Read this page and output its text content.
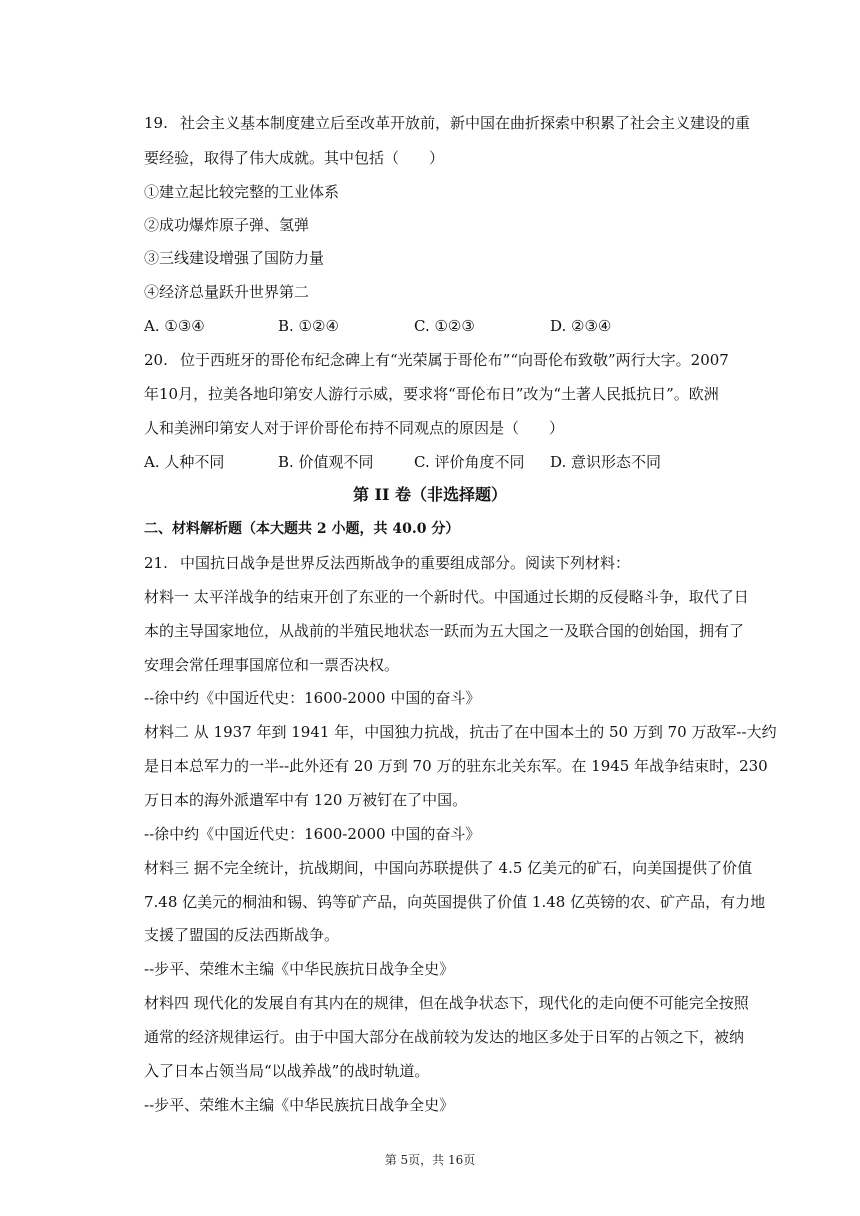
19. 社会主义基本制度建立后至改革开放前，新中国在曲折探索中积累了社会主义建设的重
要经验，取得了伟大成就。其中包括（　　）
①建立起比较完整的工业体系
②成功爆炸原子弹、氢弹
③三线建设增强了国防力量
④经济总量跃升世界第二
A. ①③④	B. ①②④	C. ①②③	D. ②③④
20. 位于西班牙的哥伦布纪念碑上有“光荣属于哥伦布”“向哥伦布致敬”两行大字。2007
年10月，拉美各地印第安人游行示威，要求将“哥伦布日”改为“土著人民抵抗日”。欧洲
人和美洲印第安人对于评价哥伦布持不同观点的原因是（　　）
A. 人种不同	B. 价值观不同	C. 评价角度不同 D. 意识形态不同
第 II 卷（非选择题）
二、材料解析题（本大题共 2 小题，共 40.0 分）
21. 中国抗日战争是世界反法西斯战争的重要组成部分。阅读下列材料：
材料一 太平洋战争的结束开创了东亚的一个新时代。中国通过长期的反侵略斗争，取代了日
本的主导国家地位，从战前的半殖民地状态一跃而为五大国之一及联合国的创始国，拥有了
安理会常任理事国席位和一票否决权。
--徐中约《中国近代史：1600-2000 中国的奋斗》
材料二 从 1937 年到 1941 年，中国独力抗战，抗击了在中国本土的 50 万到 70 万敌军--大约
是日本总军力的一半--此外还有 20 万到 70 万的驻东北关东军。在 1945 年战争结束时，230
万日本的海外派遣军中有 120 万被钉在了中国。
--徐中约《中国近代史：1600-2000 中国的奋斗》
材料三 据不完全统计，抗战期间，中国向苏联提供了 4.5 亿美元的矿石，向美国提供了价值
7.48 亿美元的桐油和锡、钨等矿产品，向英国提供了价值 1.48 亿英镑的农、矿产品，有力地
支援了盟国的反法西斯战争。
--步平、荣维木主编《中华民族抗日战争全史》
材料四 现代化的发展自有其内在的规律，但在战争状态下，现代化的走向便不可能完全按照
通常的经济规律运行。由于中国大部分在战前较为发达的地区多处于日军的占领之下，被纳
入了日本占领当局“以战养战”的战时轨道。
--步平、荣维木主编《中华民族抗日战争全史》
第 5页，共 16页
